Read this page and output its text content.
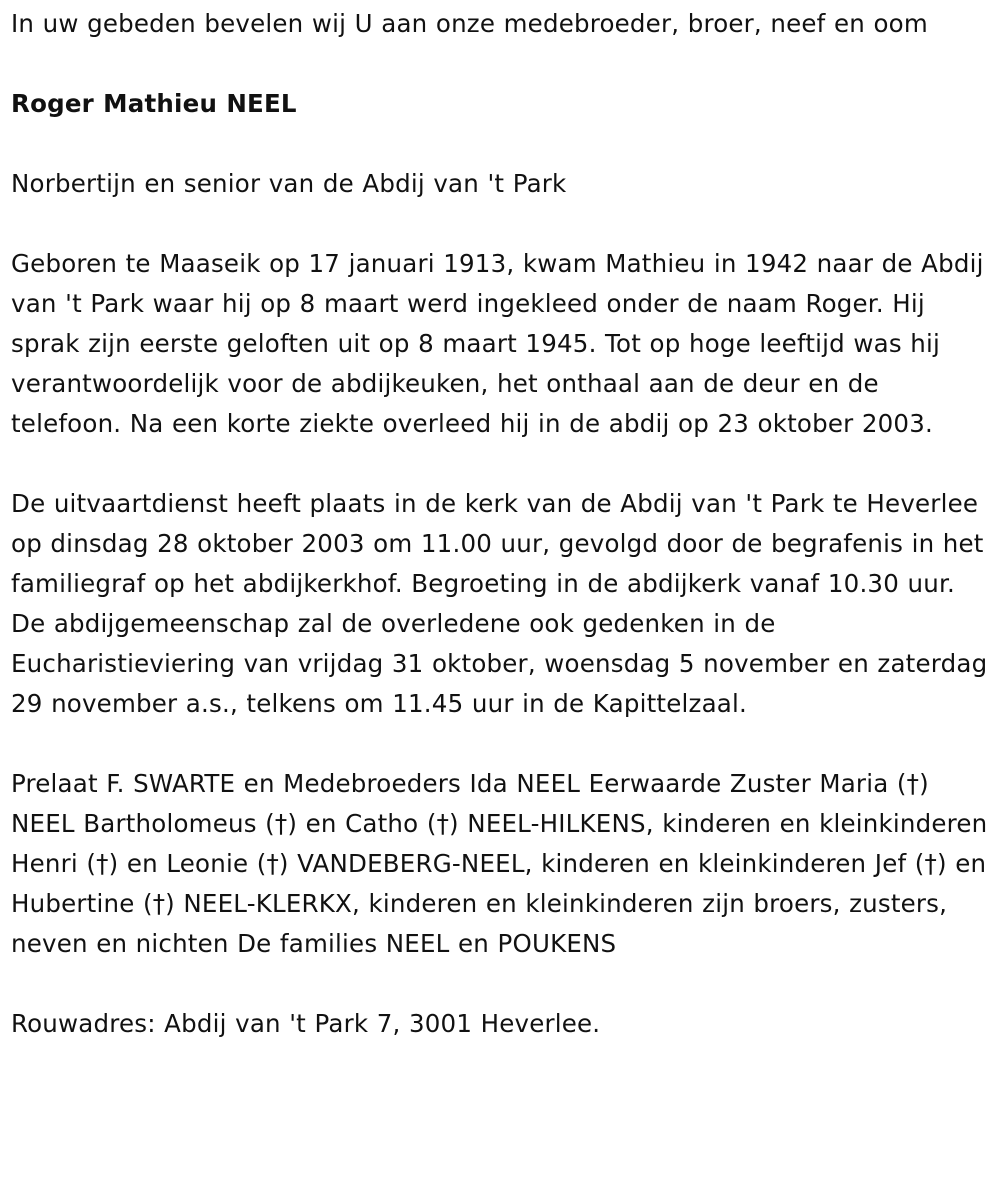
In uw gebeden bevelen wij U aan onze medebroeder, broer, neef en oom

Roger Mathieu NEEL

Norbertijn en senior van de Abdij van 't Park

Geboren te Maaseik op 17 januari 1913, kwam Mathieu in 1942 naar de Abdij van 't Park waar hij op 8 maart werd ingekleed onder de naam Roger. Hij sprak zijn eerste geloften uit op 8 maart 1945. Tot op hoge leeftijd was hij verantwoordelijk voor de abdijkeuken, het onthaal aan de deur en de telefoon. Na een korte ziekte overleed hij in de abdij op 23 oktober 2003.

De uitvaartdienst heeft plaats in de kerk van de Abdij van 't Park te Heverlee op dinsdag 28 oktober 2003 om 11.00 uur, gevolgd door de begrafenis in het familiegraf op het abdijkerkhof. Begroeting in de abdijkerk vanaf 10.30 uur. De abdijgemeenschap zal de overledene ook gedenken in de Eucharistieviering van vrijdag 31 oktober, woensdag 5 november en zaterdag 29 november a.s., telkens om 11.45 uur in de Kapittelzaal.

Prelaat F. SWARTE en Medebroeders Ida NEEL Eerwaarde Zuster Maria (†) NEEL Bartholomeus (†) en Catho (†) NEEL-HILKENS, kinderen en kleinkinderen Henri (†) en Leonie (†) VANDEBERG-NEEL, kinderen en kleinkinderen Jef (†) en Hubertine (†) NEEL-KLERKX, kinderen en kleinkinderen zijn broers, zusters, neven en nichten De families NEEL en POUKENS

Rouwadres: Abdij van 't Park 7, 3001 Heverlee.
